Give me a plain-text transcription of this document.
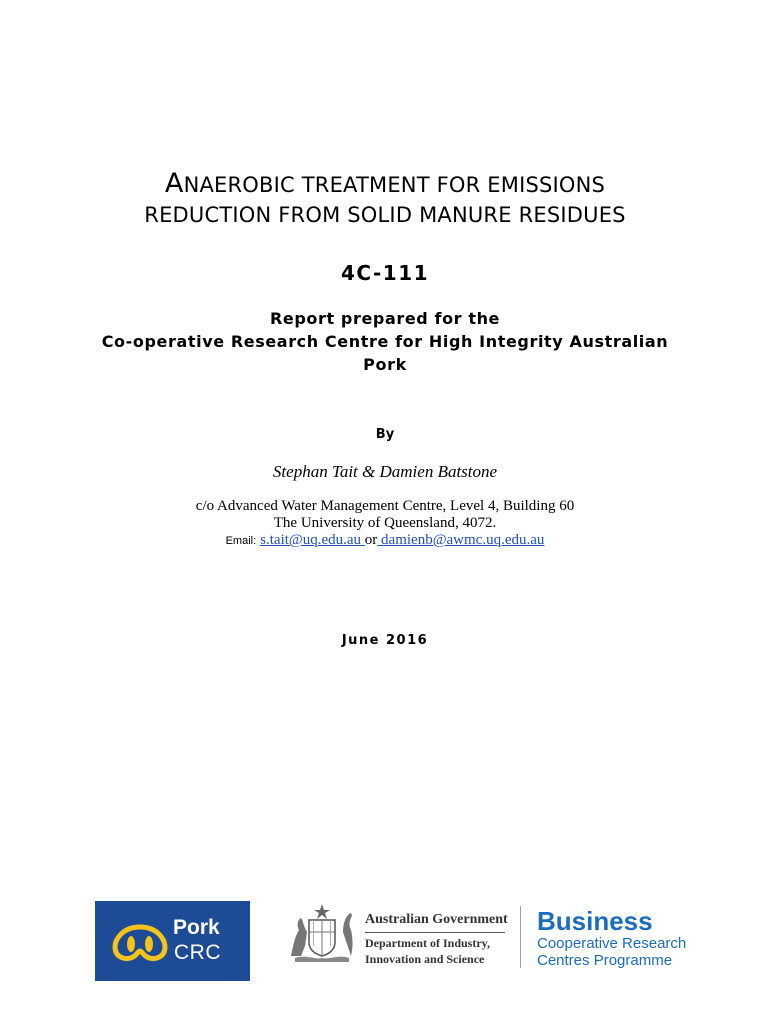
ANAEROBIC TREATMENT FOR EMISSIONS
REDUCTION FROM SOLID MANURE RESIDUES
4C-111
Report prepared for the
Co-operative Research Centre for High Integrity Australian
Pork
By
Stephan Tait & Damien Batstone
c/o Advanced Water Management Centre, Level 4, Building 60
The University of Queensland, 4072.
Email: s.tait@uq.edu.au or damienb@awmc.uq.edu.au
June 2016
Pork
CRC
Australian Government
Department of Industry,
Innovation and Science
Business
Cooperative Research
Centres Programme
